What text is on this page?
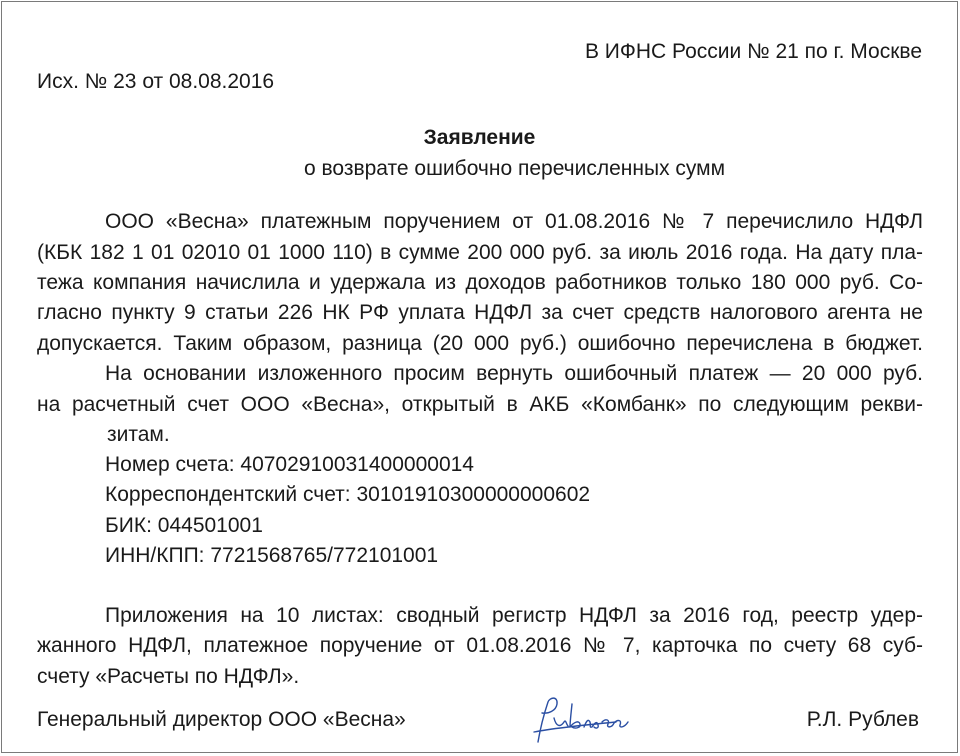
В ИФНС России № 21 по г. Москве
Исх. № 23 от 08.08.2016
Заявление
о возврате ошибочно перечисленных сумм
ООО «Весна» платежным поручением от 01.08.2016 № 7 перечислило НДФЛ
(КБК 182 1 01 02010 01 1000 110) в сумме 200 000 руб. за июль 2016 года. На дату пла-
тежа компания начислила и удержала из доходов работников только 180 000 руб. Со-
гласно пункту 9 статьи 226 НК РФ уплата НДФЛ за счет средств налогового агента не
допускается. Таким образом, разница (20 000 руб.) ошибочно перечислена в бюджет.
На основании изложенного просим вернуть ошибочный платеж — 20 000 руб.
на расчетный счет ООО «Весна», открытый в АКБ «Комбанк» по следующим рекви-
зитам.
Номер счета: 40702910031400000014
Корреспондентский счет: 30101910300000000602
БИК: 044501001
ИНН/КПП: 7721568765/772101001
Приложения на 10 листах: сводный регистр НДФЛ за 2016 год, реестр удер-
жанного НДФЛ, платежное поручение от 01.08.2016 № 7, карточка по счету 68 суб-
счету «Расчеты по НДФЛ».
Генеральный директор ООО «Весна»	Р.Л. Рублев
